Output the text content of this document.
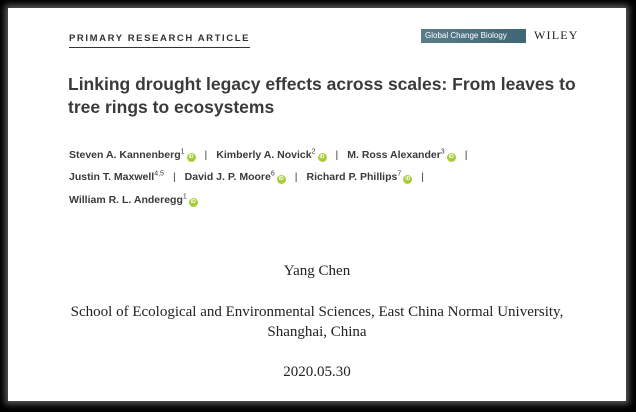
PRIMARY RESEARCH ARTICLE	Global Change Biology	WILEY
Linking drought legacy effects across scales: From leaves to tree rings to ecosystems
Steven A. Kannenberg$^1$iD | Kimberly A. Novick$^2$iD | M. Ross Alexander$^3$iD |
Justin T. Maxwell$^{4,5}$ | David J. P. Moore$^6$iD | Richard P. Phillips$^7$iD |
William R. L. Anderegg$^1$iD
Yang Chen
School of Ecological and Environmental Sciences, East China Normal University, Shanghai, China
2020.05.30
